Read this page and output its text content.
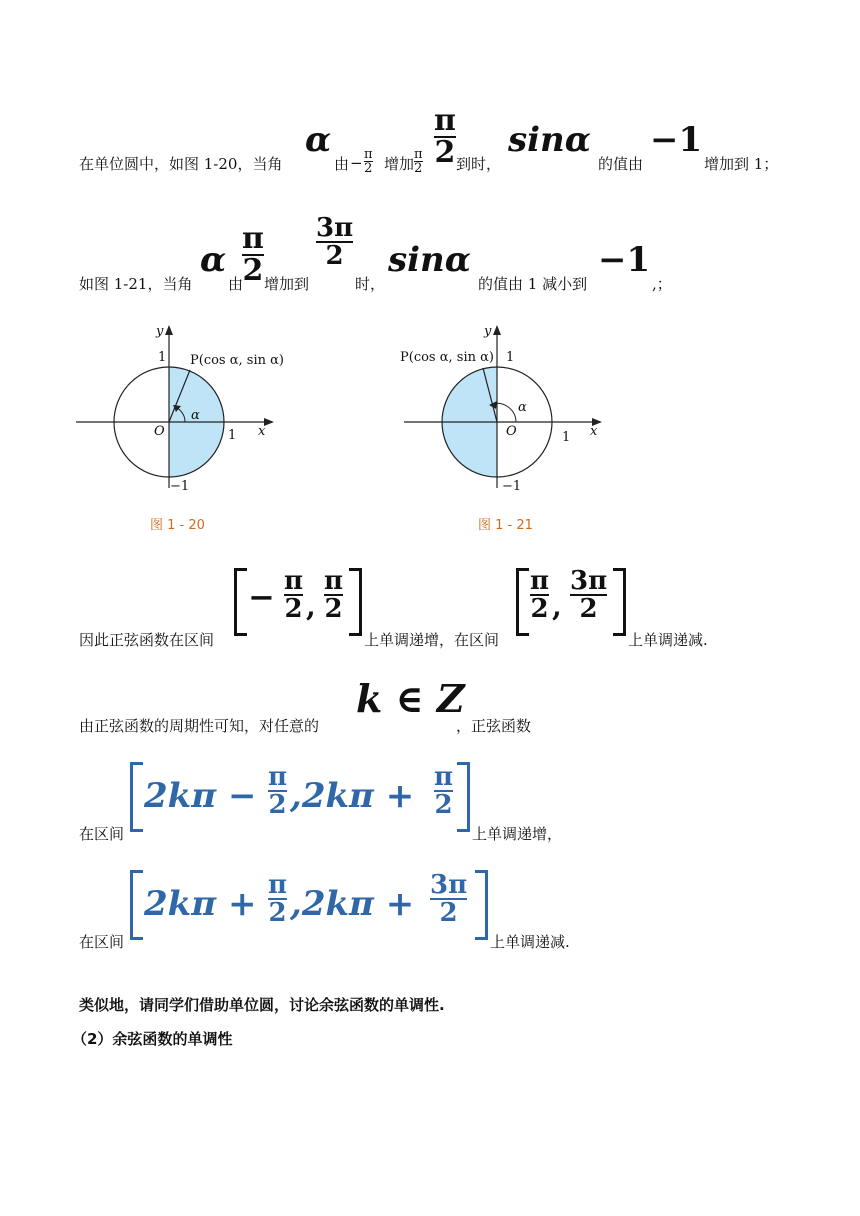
在单位圆中，如图 1-20，当角
α
由 − π
2 增加
π
2
π
2 到时，
sinα
的值由
−1
增加到 1；
如图 1-21，当角
α
由
π
2 增加到
3π
2
时，
sinα
的值由 1 减小到
−1
,；
y
x
O
1
1
−1
P(cos α, sin α)
α
图 1 - 20
y
x
O
1
1
−1
P(cos α, sin α)
α
图 1 - 21
因此正弦函数在区间
− π
2 ,
π
2
上单调递增，在区间
π
2 ,
3π
2
上单调递减.
由正弦函数的周期性可知，对任意的
k ∈ Z
，正弦函数
在区间
2kπ − π
2 ,2kπ + π
2
上单调递增，
在区间
2kπ + π
2 ,2kπ + 3π
2
上单调递减.
类似地，请同学们借助单位圆，讨论余弦函数的单调性.
（2）余弦函数的单调性
